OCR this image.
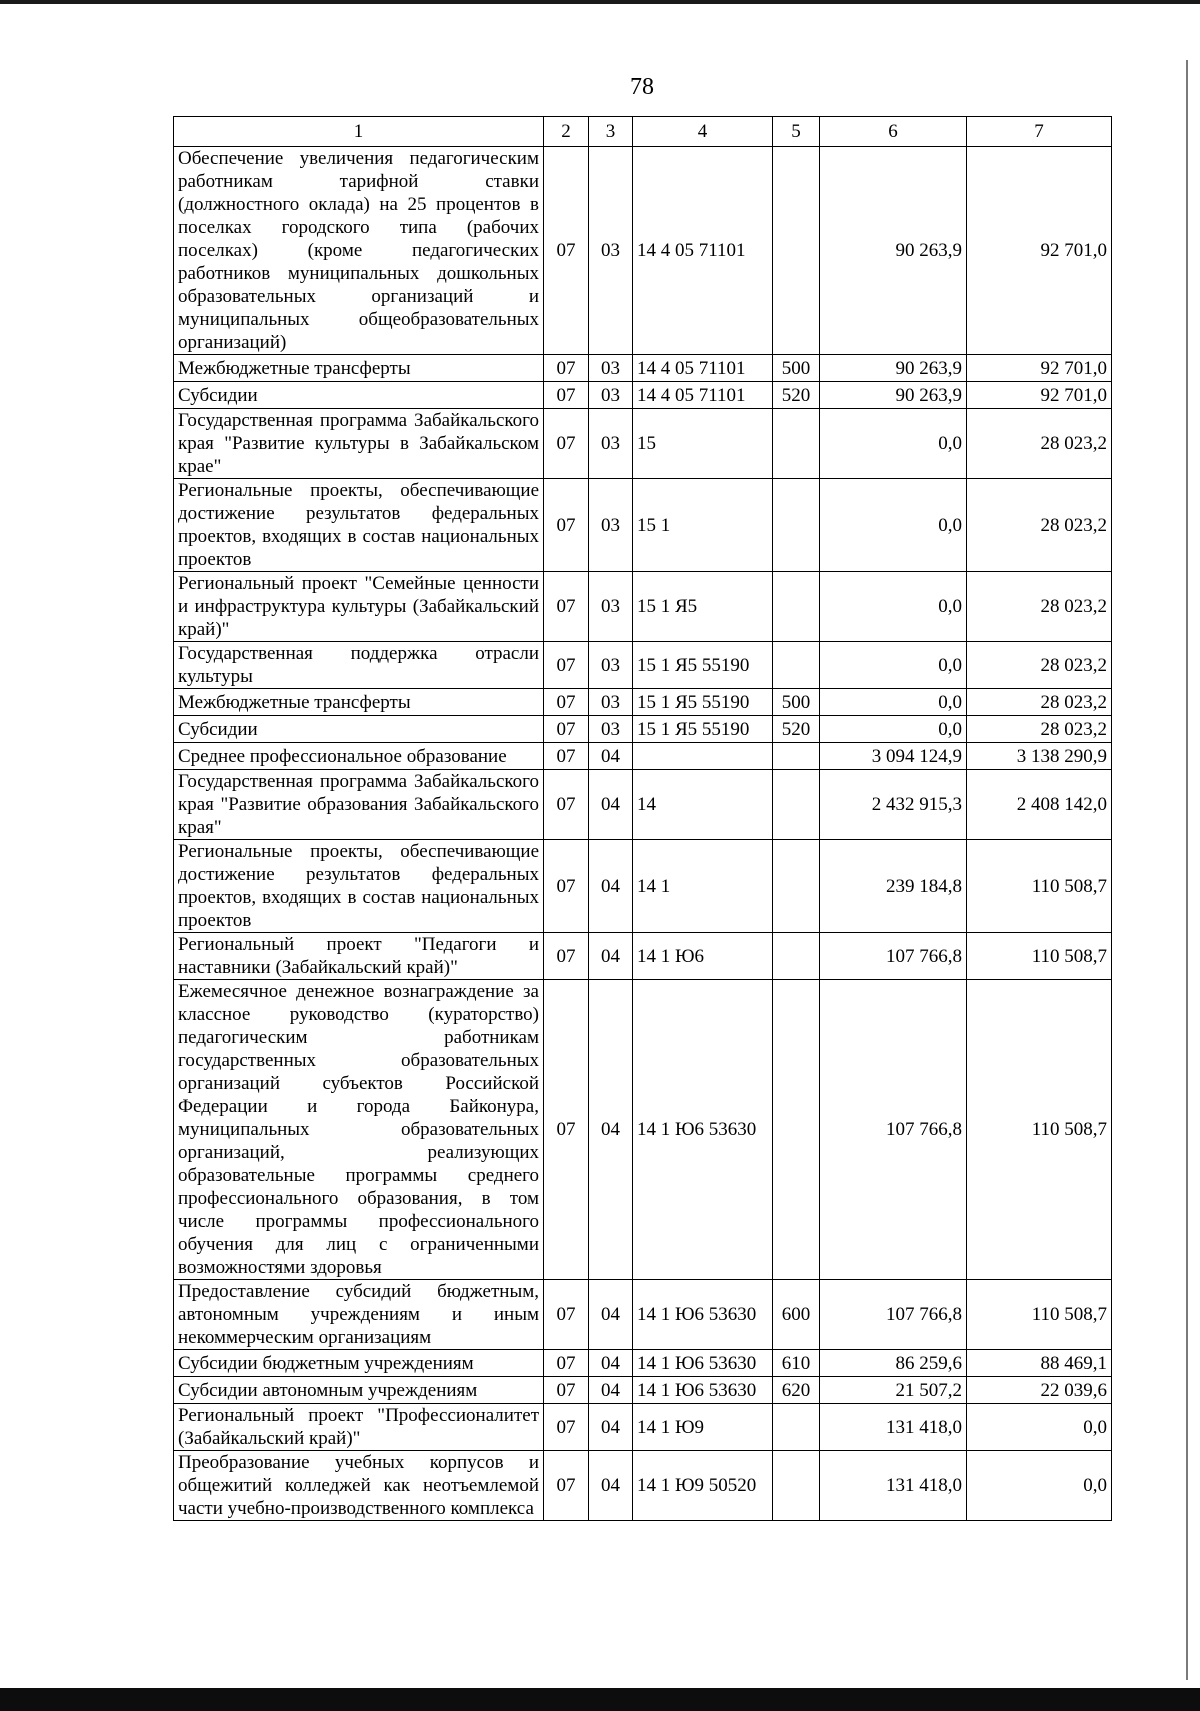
78
1	2	3	4	5	6	7
Обеспечение увеличения педагогическим работникам тарифной ставки (должностного оклада) на 25 процентов в поселках городского типа (рабочих поселках) (кроме педагогических работников муниципальных дошкольных образовательных организаций и муниципальных общеобразовательных организаций)	07	03	14 4 05 71101		90 263,9	92 701,0
Межбюджетные трансферты	07	03	14 4 05 71101	500	90 263,9	92 701,0
Субсидии	07	03	14 4 05 71101	520	90 263,9	92 701,0
Государственная программа Забайкальского края "Развитие культуры в Забайкальском крае"	07	03	15		0,0	28 023,2
Региональные проекты, обеспечивающие достижение результатов федеральных проектов, входящих в состав национальных проектов	07	03	15 1		0,0	28 023,2
Региональный проект "Семейные ценности и инфраструктура культуры (Забайкальский край)"	07	03	15 1 Я5		0,0	28 023,2
Государственная поддержка отрасли культуры	07	03	15 1 Я5 55190		0,0	28 023,2
Межбюджетные трансферты	07	03	15 1 Я5 55190	500	0,0	28 023,2
Субсидии	07	03	15 1 Я5 55190	520	0,0	28 023,2
Среднее профессиональное образование	07	04			3 094 124,9	3 138 290,9
Государственная программа Забайкальского края "Развитие образования Забайкальского края"	07	04	14		2 432 915,3	2 408 142,0
Региональные проекты, обеспечивающие достижение результатов федеральных проектов, входящих в состав национальных проектов	07	04	14 1		239 184,8	110 508,7
Региональный проект "Педагоги и наставники (Забайкальский край)"	07	04	14 1 Ю6		107 766,8	110 508,7
Ежемесячное денежное вознаграждение за классное руководство (кураторство) педагогическим работникам государственных образовательных организаций субъектов Российской Федерации и города Байконура, муниципальных образовательных организаций, реализующих образовательные программы среднего профессионального образования, в том числе программы профессионального обучения для лиц с ограниченными возможностями здоровья	07	04	14 1 Ю6 53630		107 766,8	110 508,7
Предоставление субсидий бюджетным, автономным учреждениям и иным некоммерческим организациям	07	04	14 1 Ю6 53630	600	107 766,8	110 508,7
Субсидии бюджетным учреждениям	07	04	14 1 Ю6 53630	610	86 259,6	88 469,1
Субсидии автономным учреждениям	07	04	14 1 Ю6 53630	620	21 507,2	22 039,6
Региональный проект "Профессионалитет (Забайкальский край)"	07	04	14 1 Ю9		131 418,0	0,0
Преобразование учебных корпусов и общежитий колледжей как неотъемлемой части учебно-производственного комплекса	07	04	14 1 Ю9 50520		131 418,0	0,0
